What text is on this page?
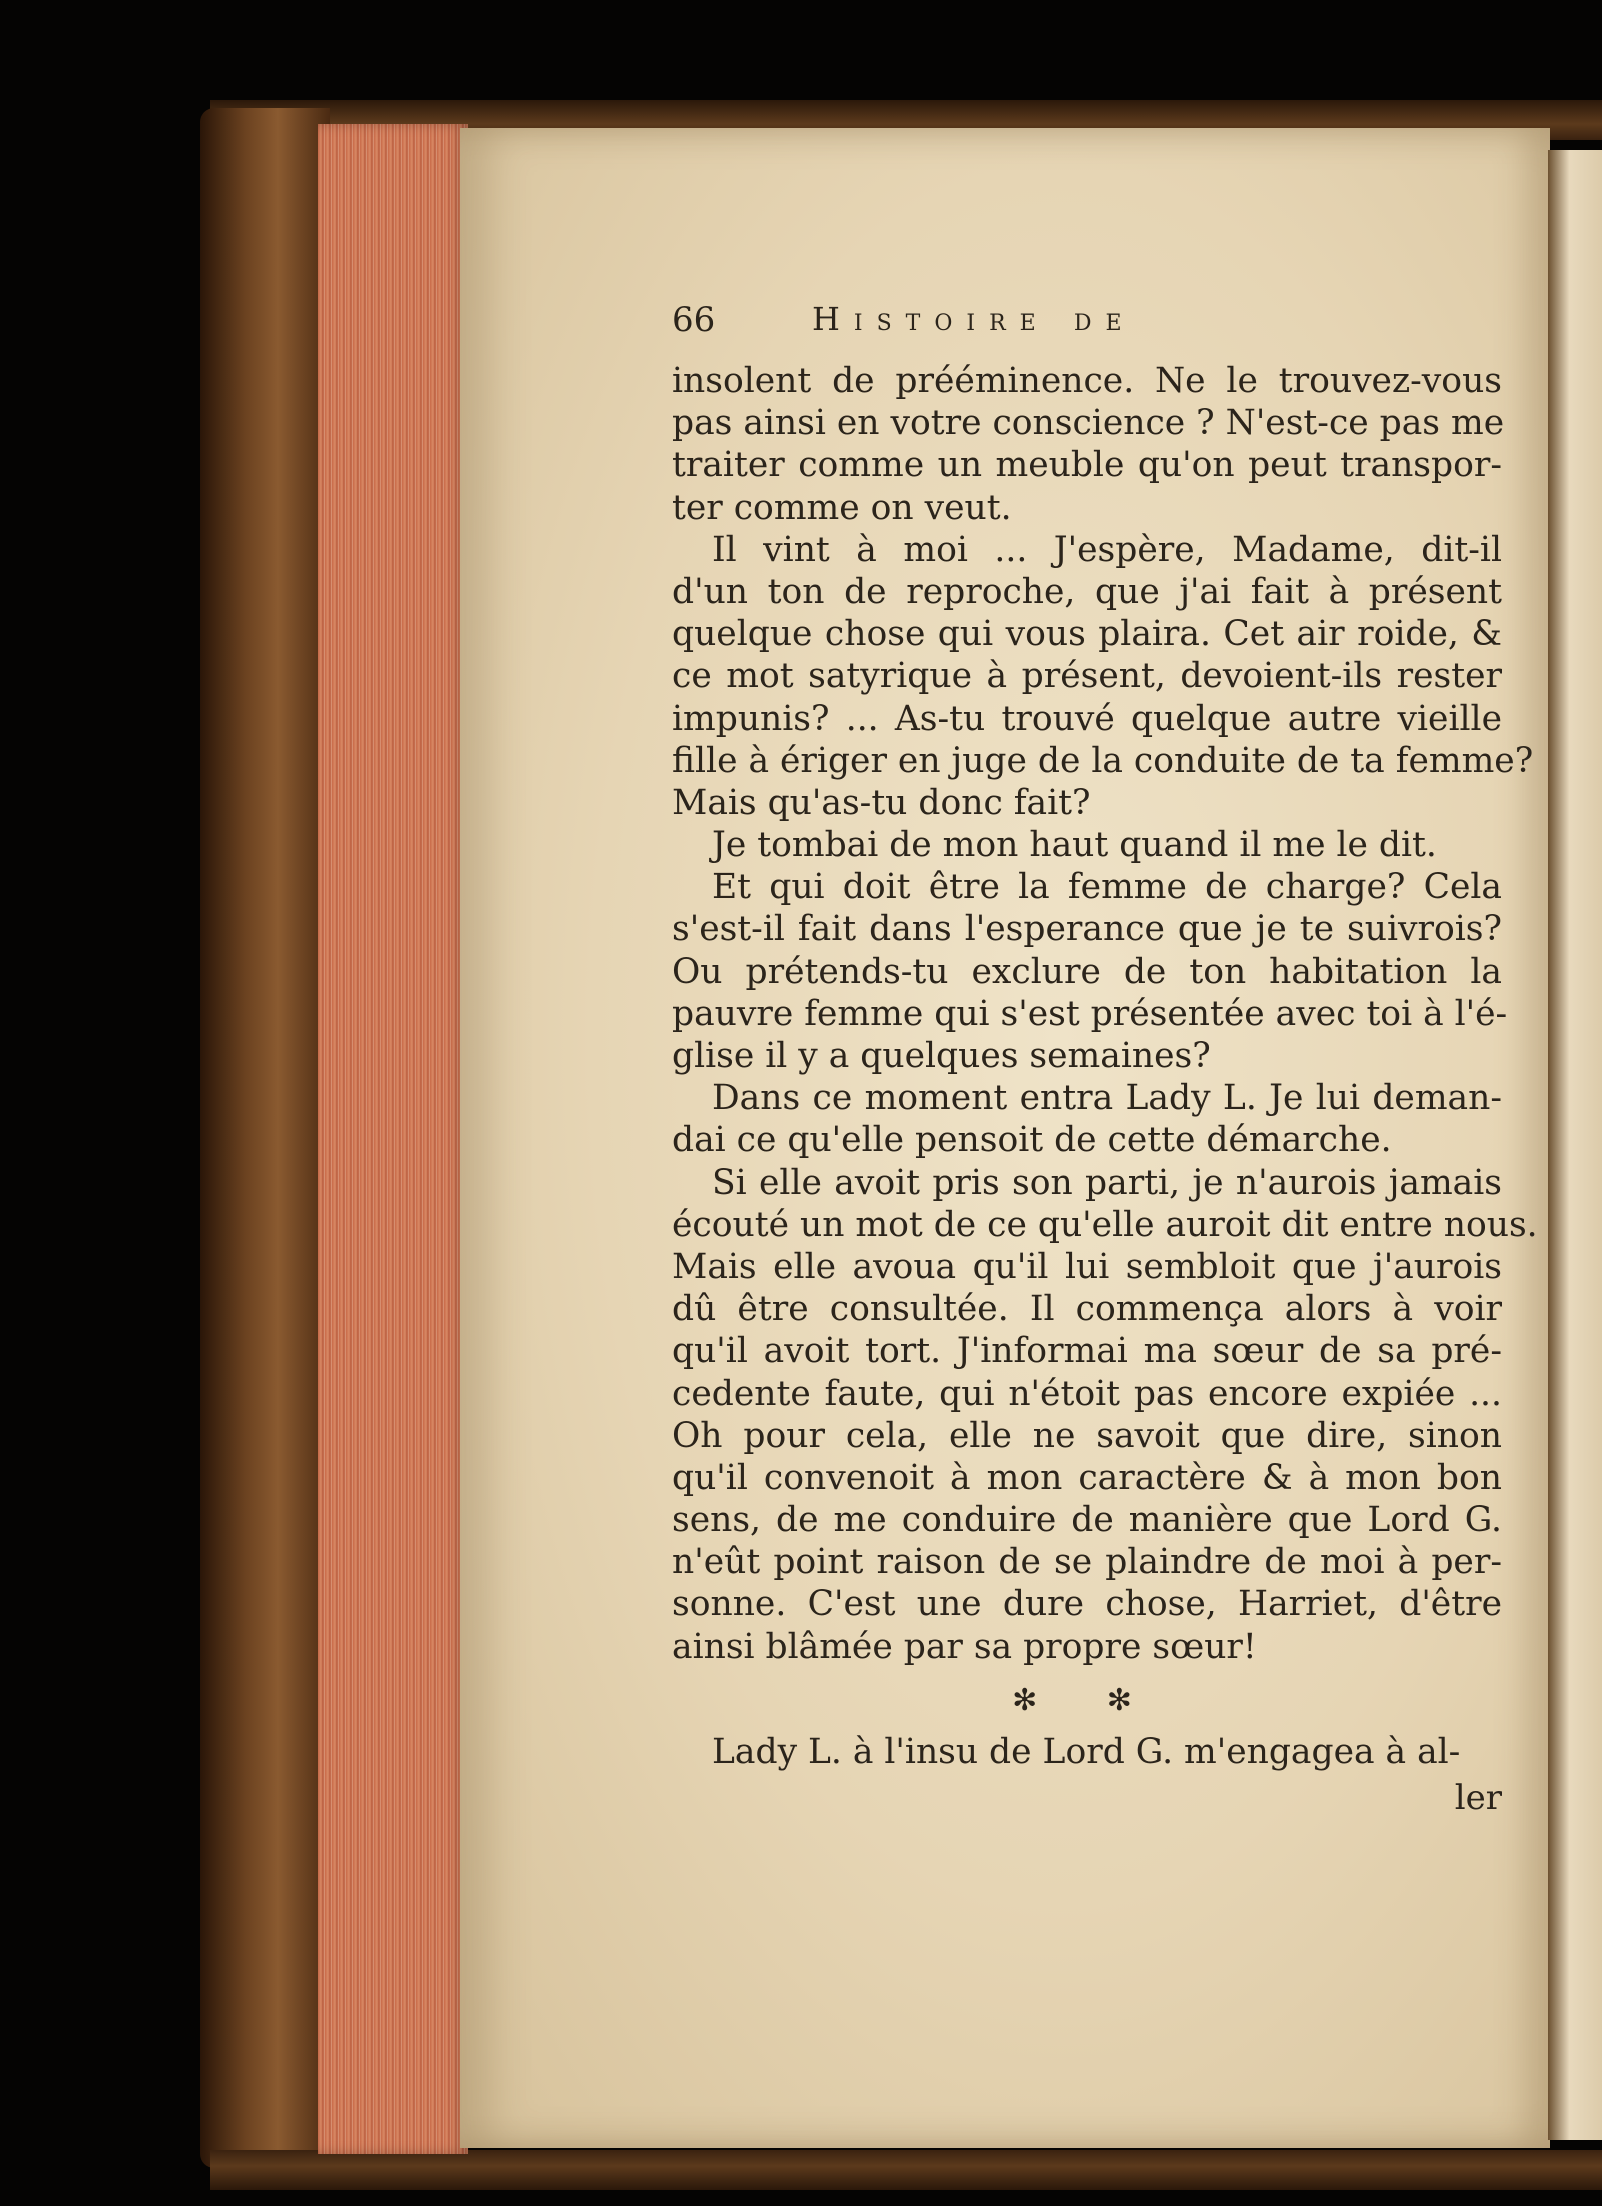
66	Histoire de
insolent de prééminence. Ne le trouvez-vous
pas ainsi en votre conscience ? N'est-ce pas me
traiter comme un meuble qu'on peut transpor-
ter comme on veut.
Il vint à moi ... J'espère, Madame, dit-il
d'un ton de reproche, que j'ai fait à présent
quelque chose qui vous plaira. Cet air roide, &
ce mot satyrique à présent, devoient-ils rester
impunis? ... As-tu trouvé quelque autre vieille
fille à ériger en juge de la conduite de ta femme?
Mais qu'as-tu donc fait?
Je tombai de mon haut quand il me le dit.
Et qui doit être la femme de charge? Cela
s'est-il fait dans l'esperance que je te suivrois?
Ou prétends-tu exclure de ton habitation la
pauvre femme qui s'est présentée avec toi à l'é-
glise il y a quelques semaines?
Dans ce moment entra Lady L. Je lui deman-
dai ce qu'elle pensoit de cette démarche.
Si elle avoit pris son parti, je n'aurois jamais
écouté un mot de ce qu'elle auroit dit entre nous.
Mais elle avoua qu'il lui sembloit que j'aurois
dû être consultée. Il commença alors à voir
qu'il avoit tort. J'informai ma sœur de sa pré-
cedente faute, qui n'étoit pas encore expiée ...
Oh pour cela, elle ne savoit que dire, sinon
qu'il convenoit à mon caractère & à mon bon
sens, de me conduire de manière que Lord G.
n'eût point raison de se plaindre de moi à per-
sonne. C'est une dure chose, Harriet, d'être
ainsi blâmée par sa propre sœur!
✻ ✻
Lady L. à l'insu de Lord G. m'engagea à al-
ler
